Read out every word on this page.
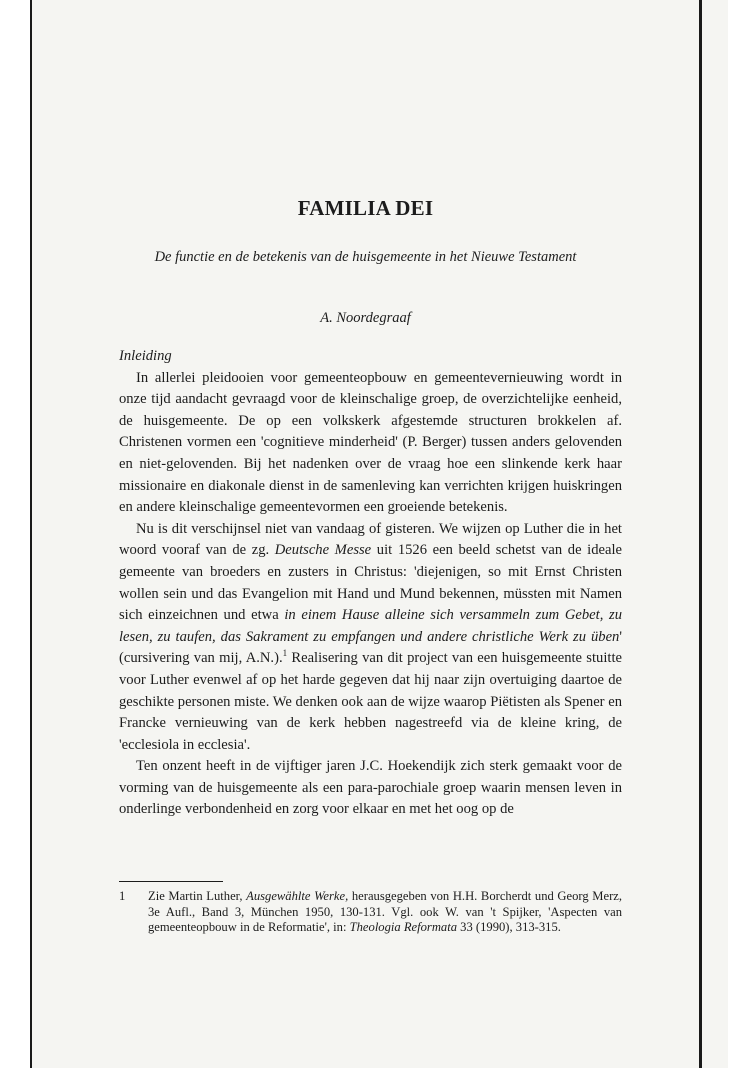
FAMILIA DEI
De functie en de betekenis van de huisgemeente in het Nieuwe Testament
A. Noordegraaf

Inleiding

In allerlei pleidooien voor gemeenteopbouw en gemeentevernieuwing wordt in onze tijd aandacht gevraagd voor de kleinschalige groep, de overzichtelijke eenheid, de huisgemeente. De op een volkskerk afgestemde structuren brokkelen af. Christenen vormen een 'cognitieve minderheid' (P. Berger) tussen anders gelovenden en niet-gelovenden. Bij het nadenken over de vraag hoe een slinkende kerk haar missionaire en diakonale dienst in de samenleving kan verrichten krijgen huiskringen en andere kleinschalige gemeentevormen een groeiende betekenis.

Nu is dit verschijnsel niet van vandaag of gisteren. We wijzen op Luther die in het woord vooraf van de zg. Deutsche Messe uit 1526 een beeld schetst van de ideale gemeente van broeders en zusters in Christus: 'diejenigen, so mit Ernst Christen wollen sein und das Evangelion mit Hand und Mund bekennen, müssten mit Namen sich einzeichnen und etwa in einem Hause alleine sich versammeln zum Gebet, zu lesen, zu taufen, das Sakrament zu empfangen und andere christliche Werk zu üben' (cursivering van mij, A.N.).$^1$ Realisering van dit project van een huisgemeente stuitte voor Luther evenwel af op het harde gegeven dat hij naar zijn overtuiging daartoe de geschikte personen miste. We denken ook aan de wijze waarop Piëtisten als Spener en Francke vernieuwing van de kerk hebben nagestreefd via de kleine kring, de 'ecclesiola in ecclesia'.

Ten onzent heeft in de vijftiger jaren J.C. Hoekendijk zich sterk gemaakt voor de vorming van de huisgemeente als een para-parochiale groep waarin mensen leven in onderlinge verbondenheid en zorg voor elkaar en met het oog op de

1 Zie Martin Luther, Ausgewählte Werke, herausgegeben von H.H. Borcherdt und Georg Merz, 3e Aufl., Band 3, München 1950, 130-131. Vgl. ook W. van 't Spijker, 'Aspecten van gemeenteopbouw in de Reformatie', in: Theologia Reformata 33 (1990), 313-315.
